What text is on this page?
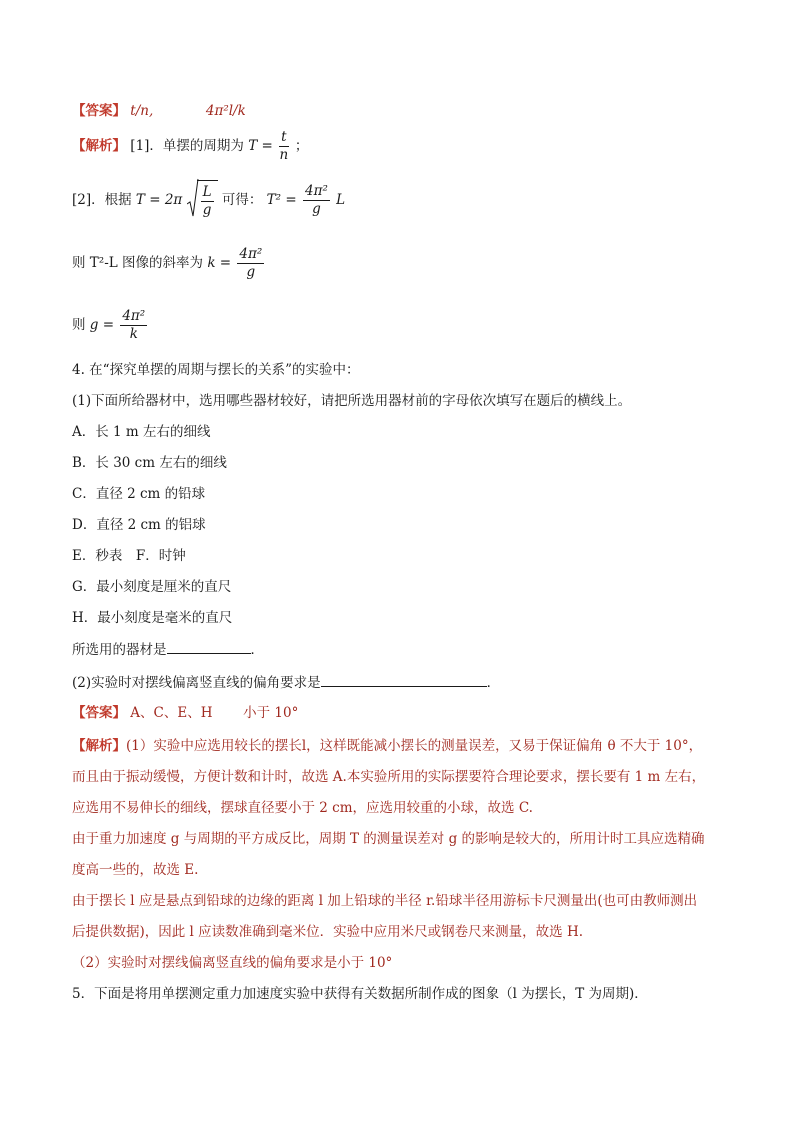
【答案】 t/n,	4π²l/k
【解析】 [1]．单摆的周期为 $T = \frac{t}{n}$ ；
[2]．根据 $T = 2\pi \frac{L}{g}$ 可得： $T^2 = \frac{\text{4π²}}{g}$ L
则 T²-L 图像的斜率为 $k = \frac{\text{4π²}}{g}$
则 $g = \frac{\text{4π²}}{k}$
4. 在“探究单摆的周期与摆长的关系”的实验中：
(1)下面所给器材中，选用哪些器材较好，请把所选用器材前的字母依次填写在题后的横线上。
A．长 1 m 左右的细线
B．长 30 cm 左右的细线
C．直径 2 cm 的铅球
D．直径 2 cm 的铝球
E．秒表　F．时钟
G．最小刻度是厘米的直尺
H．最小刻度是毫米的直尺
所选用的器材是	．
(2)实验时对摆线偏离竖直线的偏角要求是	．
【答案】 A、C、E、H 小于 10°
【解析】(1）实验中应选用较长的摆长l，这样既能减小摆长的测量误差，又易于保证偏角 θ 不大于 10°，
而且由于振动缓慢，方便计数和计时，故选 A.本实验所用的实际摆要符合理论要求，摆长要有 1 m 左右，
应选用不易伸长的细线，摆球直径要小于 2 cm，应选用较重的小球，故选 C.
由于重力加速度 g 与周期的平方成反比，周期 T 的测量误差对 g 的影响是较大的，所用计时工具应选精确
度高一些的，故选 E.
由于摆长 l 应是悬点到铅球的边缘的距离 l 加上铅球的半径 r.铅球半径用游标卡尺测量出(也可由教师测出
后提供数据)，因此 l 应读数准确到毫米位．实验中应用米尺或钢卷尺来测量，故选 H.
（2）实验时对摆线偏离竖直线的偏角要求是小于 10°
5．下面是将用单摆测定重力加速度实验中获得有关数据所制作成的图象（l 为摆长，T 为周期)．
